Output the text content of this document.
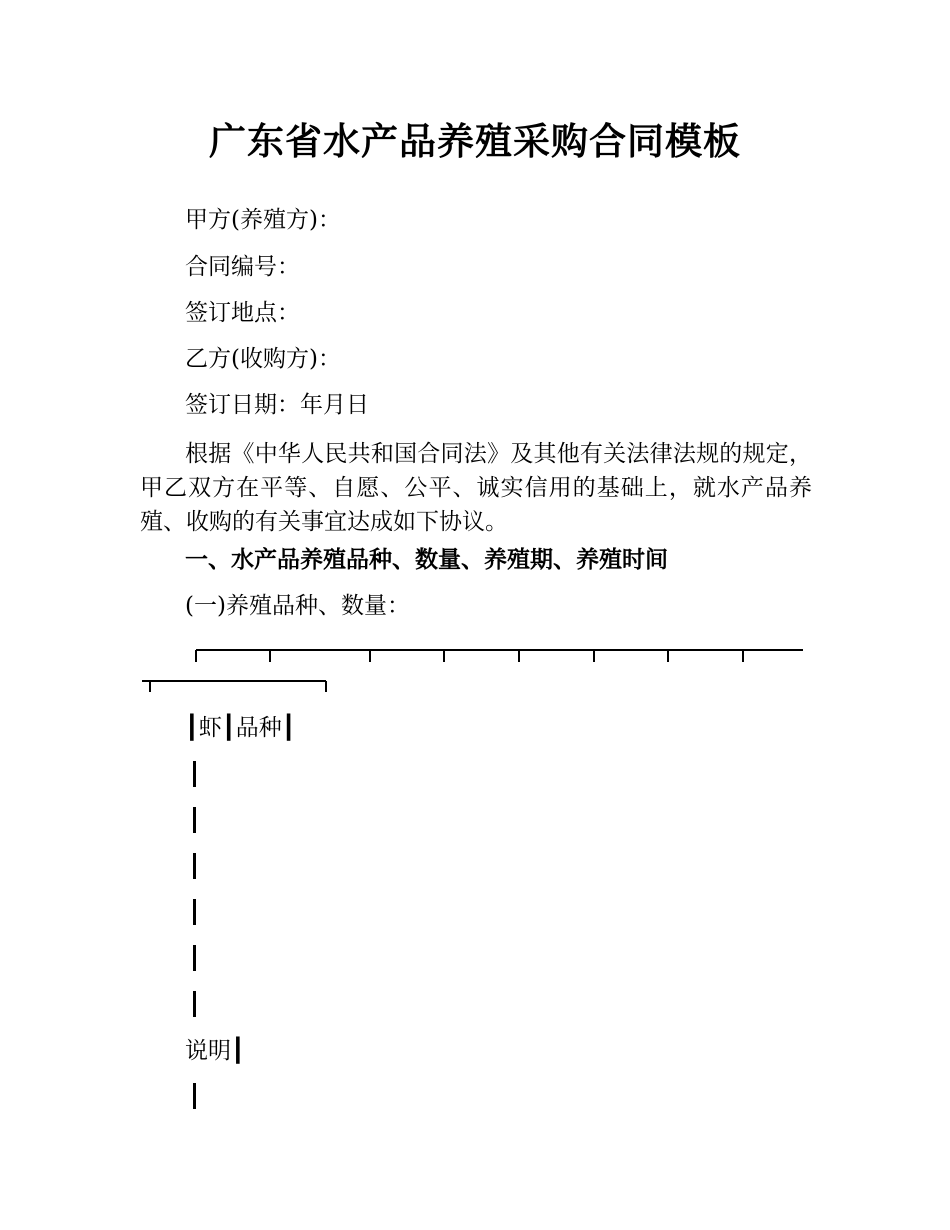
广东省水产品养殖采购合同模板
甲方(养殖方)：
合同编号：
签订地点：
乙方(收购方)：
签订日期：年月日
根据《中华人民共和国合同法》及其他有关法律法规的规定，甲乙双方在平等、自愿、公平、诚实信用的基础上，就水产品养殖、收购的有关事宜达成如下协议。
一、水产品养殖品种、数量、养殖期、养殖时间
(一)养殖品种、数量：
┃虾┃品种┃
说明┃
